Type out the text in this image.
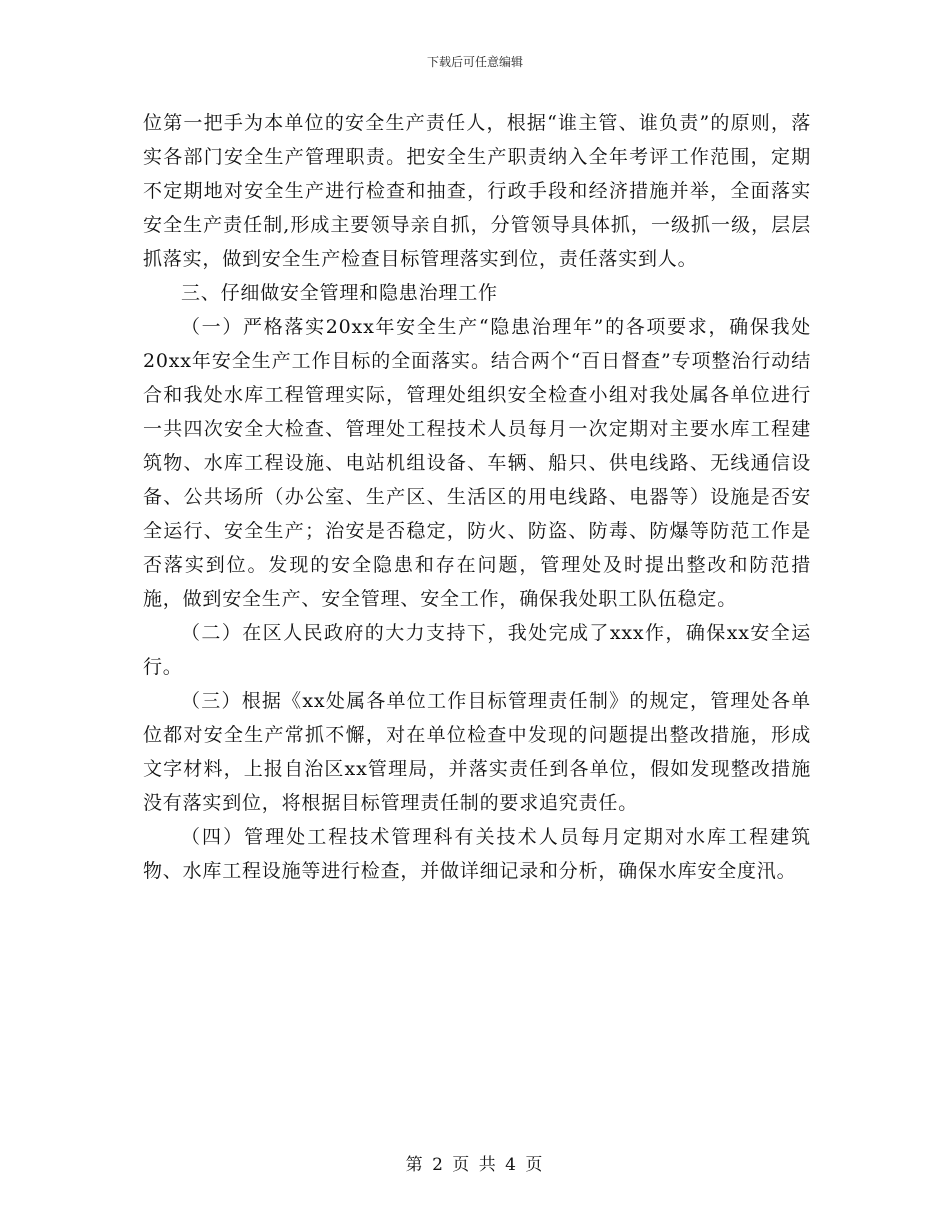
下载后可任意编辑

位第一把手为本单位的安全生产责任人，根据“谁主管、谁负责”的原则，落实各部门安全生产管理职责。把安全生产职责纳入全年考评工作范围，定期不定期地对安全生产进行检查和抽查，行政手段和经济措施并举，全面落实安全生产责任制,形成主要领导亲自抓，分管领导具体抓，一级抓一级，层层抓落实，做到安全生产检查目标管理落实到位，责任落实到人。

三、仔细做安全管理和隐患治理工作

（一）严格落实20xx年安全生产“隐患治理年”的各项要求，确保我处20xx年安全生产工作目标的全面落实。结合两个“百日督查”专项整治行动结合和我处水库工程管理实际，管理处组织安全检查小组对我处属各单位进行一共四次安全大检查、管理处工程技术人员每月一次定期对主要水库工程建筑物、水库工程设施、电站机组设备、车辆、船只、供电线路、无线通信设备、公共场所（办公室、生产区、生活区的用电线路、电器等）设施是否安全运行、安全生产；治安是否稳定，防火、防盗、防毒、防爆等防范工作是否落实到位。发现的安全隐患和存在问题，管理处及时提出整改和防范措施，做到安全生产、安全管理、安全工作，确保我处职工队伍稳定。

（二）在区人民政府的大力支持下，我处完成了xxx作，确保xx安全运行。

（三）根据《xx处属各单位工作目标管理责任制》的规定，管理处各单位都对安全生产常抓不懈，对在单位检查中发现的问题提出整改措施，形成文字材料，上报自治区xx管理局，并落实责任到各单位，假如发现整改措施没有落实到位，将根据目标管理责任制的要求追究责任。

（四）管理处工程技术管理科有关技术人员每月定期对水库工程建筑物、水库工程设施等进行检查，并做详细记录和分析，确保水库安全度汛。

第 2 页 共 4 页
